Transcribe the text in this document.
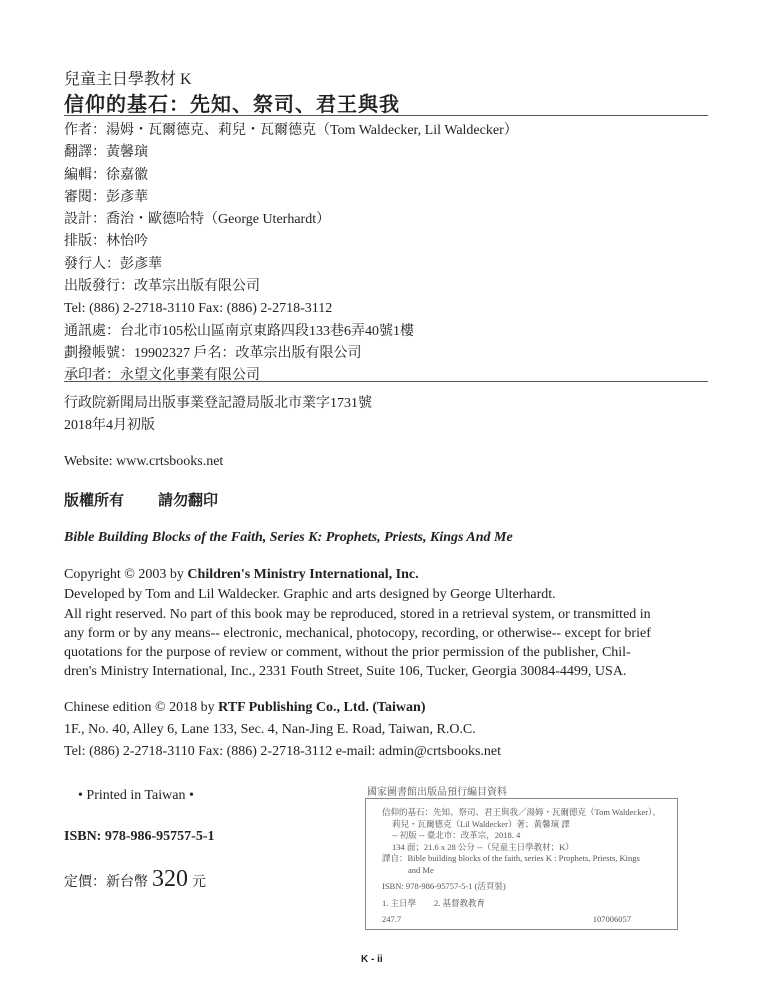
兒童主日學教材 K
信仰的基石：先知、祭司、君王與我
作者：湯姆・瓦爾德克、莉兒・瓦爾德克（Tom Waldecker, Lil Waldecker）
翻譯：黃馨璌
編輯：徐嘉徽
審閱：彭彥華
設計：喬治・歐德哈特（George Uterhardt）
排版：林怡吟
發行人：彭彥華
出版發行：改革宗出版有限公司
Tel: (886) 2-2718-3110 Fax: (886) 2-2718-3112
通訊處：台北市105松山區南京東路四段133巷6弄40號1樓
劃撥帳號：19902327 戶名：改革宗出版有限公司
承印者：永望文化事業有限公司
行政院新聞局出版事業登記證局版北市業字1731號
2018年4月初版
Website: www.crtsbooks.net
版權所有 請勿翻印
Bible Building Blocks of the Faith, Series K: Prophets, Priests, Kings And Me
Copyright © 2003 by Children's Ministry International, Inc.
Developed by Tom and Lil Waldecker. Graphic and arts designed by George Ulterhardt.
All right reserved. No part of this book may be reproduced, stored in a retrieval system, or transmitted in
any form or by any means-- electronic, mechanical, photocopy, recording, or otherwise-- except for brief
quotations for the purpose of review or comment, without the prior permission of the publisher, Chil-
dren's Ministry International, Inc., 2331 Fouth Street, Suite 106, Tucker, Georgia 30084-4499, USA.
Chinese edition © 2018 by RTF Publishing Co., Ltd. (Taiwan)
1F., No. 40, Alley 6, Lane 133, Sec. 4, Nan-Jing E. Road, Taiwan, R.O.C.
Tel: (886) 2-2718-3110 Fax: (886) 2-2718-3112 e-mail: admin@crtsbooks.net
• Printed in Taiwan •
ISBN: 978-986-95757-5-1
定價：新台幣 320 元
國家圖書館出版品預行編目資料
信仰的基石：先知、祭司、君王與我／湯姆・瓦爾德克（Tom Waldecker）、
莉兒・瓦爾德克（Lil Waldecker）著；黃馨璌 譯
-- 初版 -- 臺北市：改革宗，2018. 4
134 面；21.6 x 28 公分 --（兒童主日學教材；K）
譯自：Bible building blocks of the faith, series K : Prophets, Priests, Kings
and Me
ISBN: 978-986-95757-5-1 (活頁裝)
1. 主日學 2. 基督教教育
247.7	107006057
K - ii
